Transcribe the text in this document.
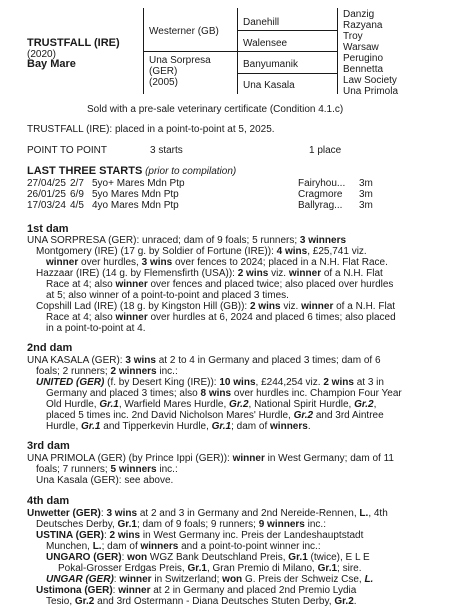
TRUSTFALL (IRE)
(2020)
Bay Mare
Westerner (GB)
Una Sorpresa
(GER)
(2005)
Danehill
Walensee
Banyumanik
Una Kasala
Danzig
Razyana
Troy
Warsaw
Perugino
Bennetta
Law Society
Una Primola
Sold with a pre-sale veterinary certificate (Condition 4.1.c)
TRUSTFALL (IRE): placed in a point-to-point at 5, 2025.
POINT TO POINT	3 starts	1 place
LAST THREE STARTS (prior to compilation)
27/04/25 2/7 5yo+ Mares Mdn Ptp	Fairyhou... 3m
26/01/25 6/9 5yo Mares Mdn Ptp	Cragmore 3m
17/03/24 4/5 4yo Mares Mdn Ptp	Ballyrag... 3m
1st dam
UNA SORPRESA (GER): unraced; dam of 9 foals; 5 runners; 3 winners
Montgomery (IRE) (17 g. by Soldier of Fortune (IRE)): 4 wins, £25,741 viz.
winner over hurdles, 3 wins over fences to 2024; placed in a N.H. Flat Race.
Hazzaar (IRE) (14 g. by Flemensfirth (USA)): 2 wins viz. winner of a N.H. Flat
Race at 4; also winner over fences and placed twice; also placed over hurdles
at 5; also winner of a point-to-point and placed 3 times.
Copshill Lad (IRE) (18 g. by Kingston Hill (GB)): 2 wins viz. winner of a N.H. Flat
Race at 4; also winner over hurdles at 6, 2024 and placed 6 times; also placed
in a point-to-point at 4.
2nd dam
UNA KASALA (GER): 3 wins at 2 to 4 in Germany and placed 3 times; dam of 6
foals; 2 runners; 2 winners inc.:
UNITED (GER) (f. by Desert King (IRE)): 10 wins, £244,254 viz. 2 wins at 3 in
Germany and placed 3 times; also 8 wins over hurdles inc. Champion Four Year
Old Hurdle, Gr.1, Warfield Mares Hurdle, Gr.2, National Spirit Hurdle, Gr.2,
placed 5 times inc. 2nd David Nicholson Mares' Hurdle, Gr.2 and 3rd Aintree
Hurdle, Gr.1 and Tipperkevin Hurdle, Gr.1; dam of winners.
3rd dam
UNA PRIMOLA (GER) (by Prince Ippi (GER)): winner in West Germany; dam of 11
foals; 7 runners; 5 winners inc.:
Una Kasala (GER): see above.
4th dam
Unwetter (GER): 3 wins at 2 and 3 in Germany and 2nd Nereide-Rennen, L., 4th
Deutsches Derby, Gr.1; dam of 9 foals; 9 runners; 9 winners inc.:
USTINA (GER): 2 wins in West Germany inc. Preis der Landeshauptstadt
Munchen, L.; dam of winners and a point-to-point winner inc.:
UNGARO (GER): won WGZ Bank Deutschland Preis, Gr.1 (twice), E L E
Pokal-Grosser Erdgas Preis, Gr.1, Gran Premio di Milano, Gr.1; sire.
UNGAR (GER): winner in Switzerland; won G. Preis der Schweiz Cse, L.
Ustimona (GER): winner at 2 in Germany and placed 2nd Premio Lydia
Tesio, Gr.2 and 3rd Ostermann - Diana Deutsches Stuten Derby, Gr.2.
